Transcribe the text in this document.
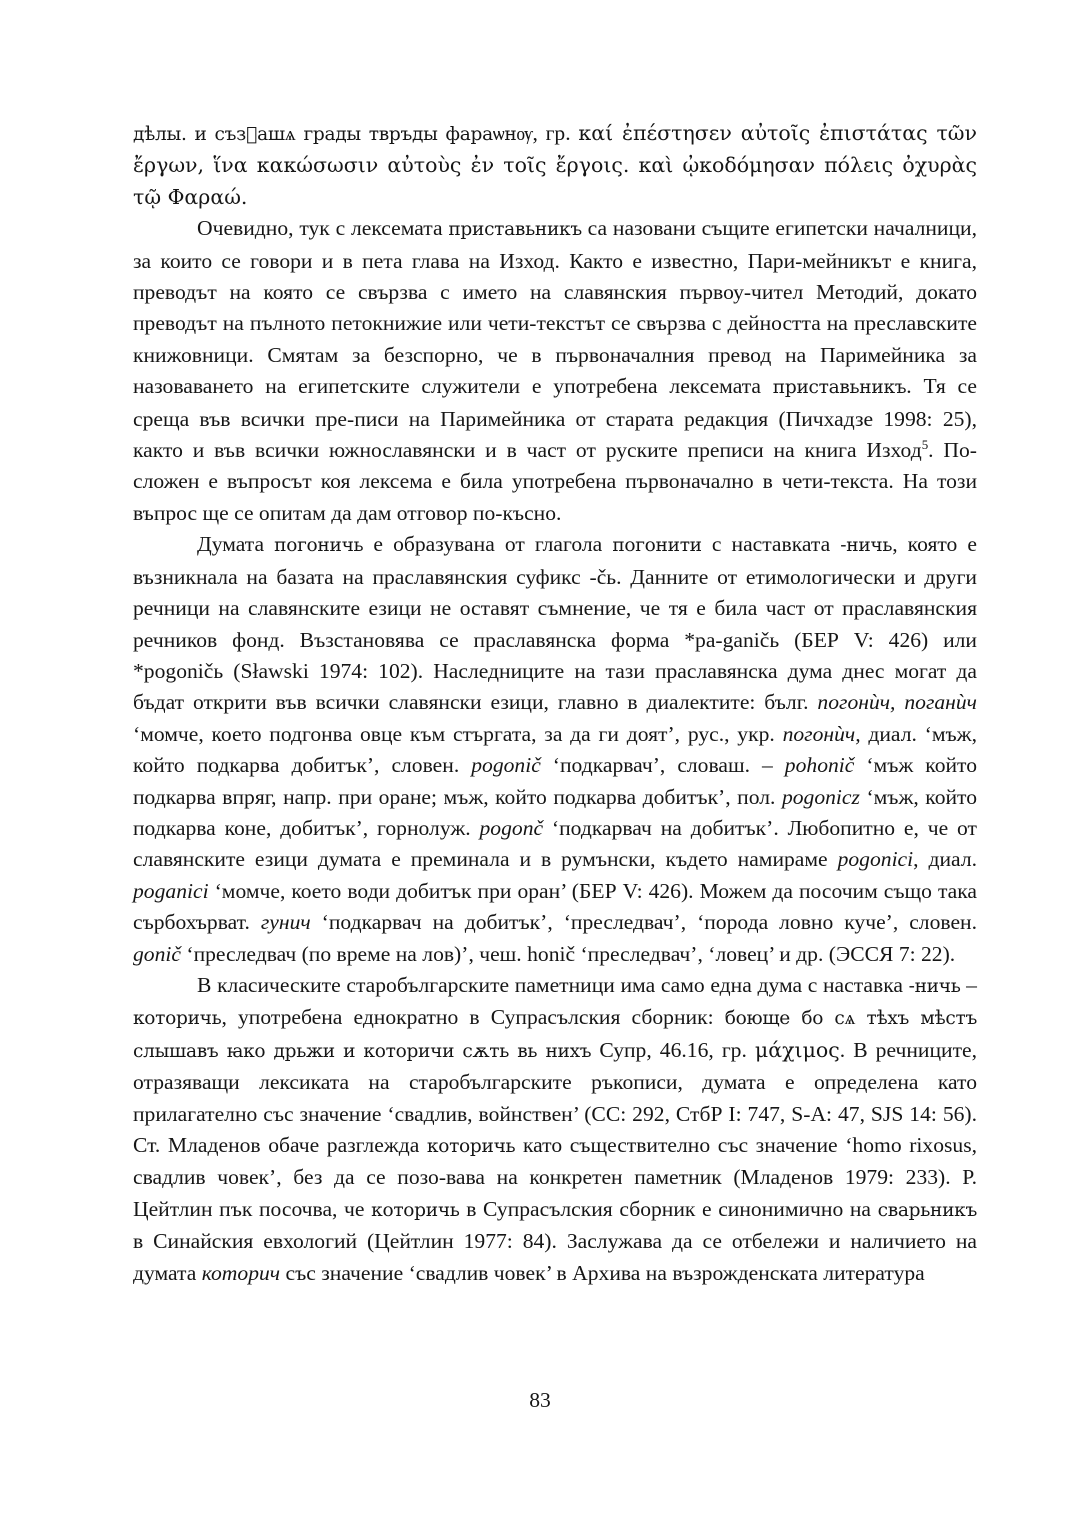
дѣлы. и съзⷣашѧ грады твръды фараѡнѹ, гр. καί ἐπέστησεν αὐτοῖς ἐπιστάτας τῶν ἔργων, ἵνα κακώσωσιν αὐτοὺς ἐν τοῖς ἔργοις. καὶ ᾠκοδόμησαν πόλεις ὀχυρὰς τῷ Φαραώ.

Очевидно, тук с лексемата приставьникъ са назовани същите египетски началници, за които се говори и в пета глава на Изход. Както е известно, Пари-мейникът е книга, преводът на която се свързва с името на славянския първоу-чител Методий, докато преводът на пълното петокнижие или чети-текстът се свързва с дейността на преславските книжовници. Смятам за безспорно, че в първоначалния превод на Паримейника за назоваването на египетските служители е употребена лексемата приставьникъ. Тя се среща във всички пре-писи на Паримейника от старата редакция (Пичхадзе 1998: 25), както и във всички южнославянски и в част от руските преписи на книга Изход$^5$. По-сложен е въпросът коя лексема е била употребена първоначално в чети-текста. На този въпрос ще се опитам да дам отговор по-късно.

Думата погоничь е образувана от глагола погонити с наставката -ничь, която е възникнала на базата на праславянския суфикс -čь. Данните от етимологически и други речници на славянските езици не оставят съмнение, че тя е била част от праславянския речников фонд. Възстановява се праславянска форма *pa-ganičь (БЕР V: 426) или *pogoničь (Sławski 1974: 102). Наследниците на тази праславянска дума днес могат да бъдат открити във всички славянски езици, главно в диалектите: бълг. погонѝч, поганѝч ‘момче, което подгонва овце към стъргата, за да ги доят’, рус., укр. погонѝч, диал. ‘мъж, който подкарва добитък’, словен. pogonič ‘подкарвач’, словаш. – pohonič ‘мъж който подкарва впряг, напр. при оране; мъж, който подкарва добитък’, пол. pogonicz ‘мъж, който подкарва коне, добитък’, горнолуж. pogonč ‘подкарвач на добитък’. Любопитно е, че от славянските езици думата е преминала и в румънски, където намираме pogonici, диал. poganici ‘момче, което води добитък при оран’ (БЕР V: 426). Можем да посочим също така сърбохърват. гунич ‘подкарвач на добитък’, ‘преследвач’, ‘порода ловно куче’, словен. gonič ‘преследвач (по време на лов)’, чеш. honič ‘преследвач’, ‘ловец’ и др. (ЭССЯ 7: 22).

В класическите старобългарските паметници има само една дума с наставка -ничь – которичь, употребена еднократно в Супрасълския сборник: боюще бо сѧ тѣхъ мѣстъ слышавъ ꙗко дрьжи и которичи сѫть вь нихъ Супр, 46.16, гр. μάχιμος. В речниците, отразяващи лексиката на старобългарските ръкописи, думата е определена като прилагателно със значение ‘свадлив, войнствен’ (СС: 292, СтбР I: 747, S-A: 47, SJS 14: 56). Ст. Младенов обаче разглежда которичь като съществително със значение ‘homo rixosus, свадлив човек’, без да се позо-вава на конкретен паметник (Младенов 1979: 233). Р. Цейтлин пък посочва, че которичь в Супрасълския сборник е синонимично на сварьникъ в Синайския евхологий (Цейтлин 1977: 84). Заслужава да се отбележи и наличието на думата которич със значение ‘свадлив човек’ в Архива на възрожденската литература

83
